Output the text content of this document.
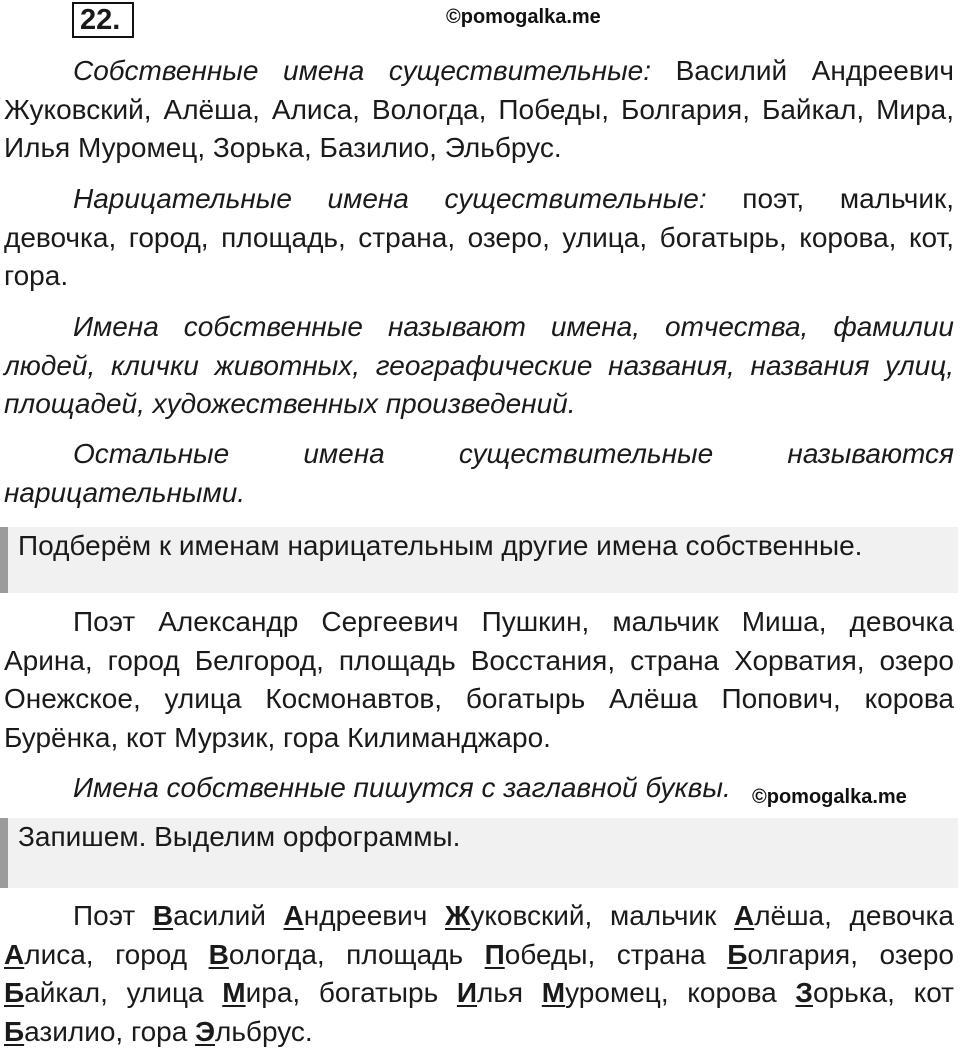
22.	©pomogalka.me

Собственные имена существительные: Василий Андреевич Жуковский, Алёша, Алиса, Вологда, Победы, Болгария, Байкал, Мира, Илья Муромец, Зорька, Базилио, Эльбрус.

Нарицательные имена существительные: поэт, мальчик, девочка, город, площадь, страна, озеро, улица, богатырь, корова, кот, гора.

Имена собственные называют имена, отчества, фамилии людей, клички животных, географические названия, названия улиц, площадей, художественных произведений.

Остальные имена существительные называются
нарицательными.
Подберём к именам нарицательным другие имена собственные.

Поэт Александр Сергеевич Пушкин, мальчик Миша, девочка Арина, город Белгород, площадь Восстания, страна Хорватия, озеро Онежское, улица Космонавтов, богатырь Алёша Попович, корова Бурёнка, кот Мурзик, гора Килиманджаро.

Имена собственные пишутся с заглавной буквы.	©pomogalka.me
Запишем. Выделим орфограммы.

Поэт Василий Андреевич Жуковский, мальчик Алёша, девочка Алиса, город Вологда, площадь Победы, страна Болгария, озеро Байкал, улица Мира, богатырь Илья Муромец, корова Зорька, кот Базилио, гора Эльбрус.
